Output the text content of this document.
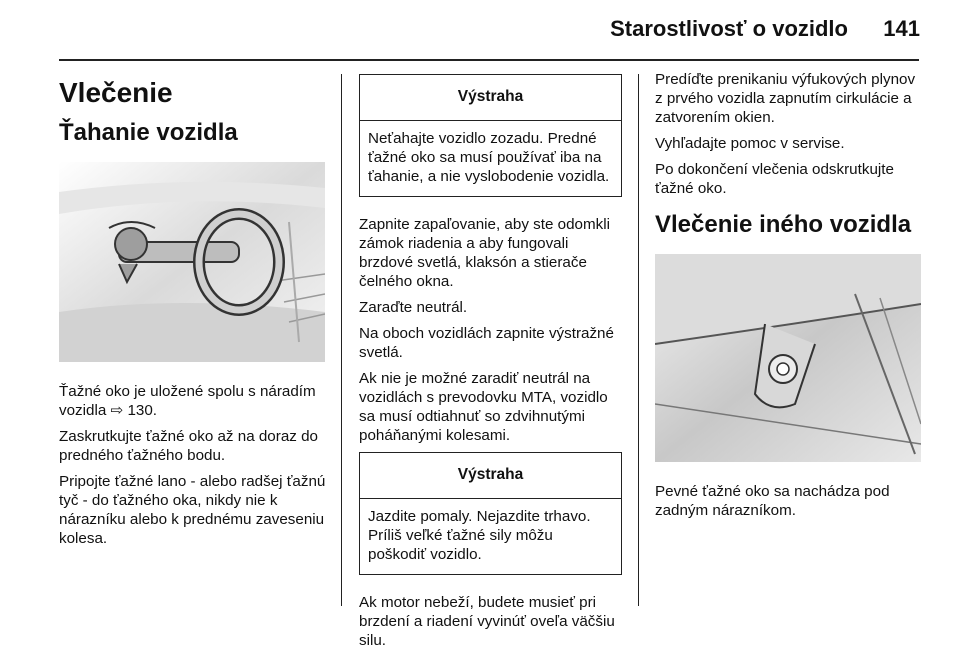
Starostlivosť o vozidlo 141
Vlečenie
Ťahanie vozidla

Ťažné oko je uložené spolu s náradím vozidla ⇨ 130.

Zaskrutkujte ťažné oko až na doraz do predného ťažného bodu.

Pripojte ťažné lano - alebo radšej ťažnú tyč - do ťažného oka, nikdy nie k nárazníku alebo k prednému zaveseniu kolesa.

Výstraha
Neťahajte vozidlo zozadu. Predné ťažné oko sa musí používať iba na ťahanie, a nie vyslobodenie vozidla.

Zapnite zapaľovanie, aby ste odomkli zámok riadenia a aby fungovali brzdové svetlá, klaksón a stierače čelného okna.

Zaraďte neutrál.

Na oboch vozidlách zapnite výstražné svetlá.

Ak nie je možné zaradiť neutrál na vozidlách s prevodovku MTA, vozidlo sa musí odtiahnuť so zdvihnutými poháňanými kolesami.

Výstraha
Jazdite pomaly. Nejazdite trhavo. Príliš veľké ťažné sily môžu poškodiť vozidlo.

Ak motor nebeží, budete musieť pri brzdení a riadení vyvinúť oveľa väčšiu silu.

Predíďte prenikaniu výfukových plynov z prvého vozidla zapnutím cirkulácie a zatvorením okien.

Vyhľadajte pomoc v servise.

Po dokončení vlečenia odskrutkujte ťažné oko.

Vlečenie iného vozidla

Pevné ťažné oko sa nachádza pod zadným nárazníkom.
